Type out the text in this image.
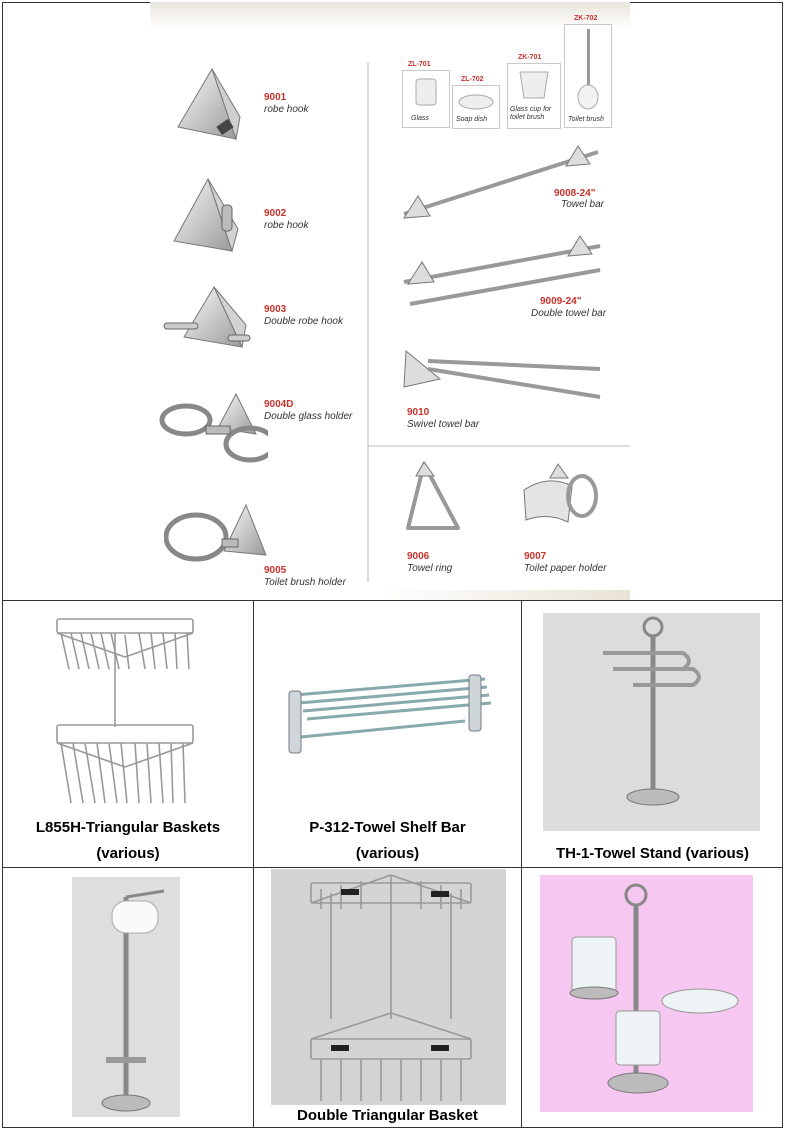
9001
robe hook
9002
robe hook
9003
Double robe hook
9004D
Double glass holder
9005
Toilet brush holder
ZL-701
Glass
ZL-702
Soap dish
ZK-701
Glass cup for toilet brush
ZK-702
Toilet brush
9008-24"
Towel bar
9009-24"
Double towel bar
9010
Swivel towel bar
9006
Towel ring
9007
Toilet paper holder
L855H-Triangular Baskets
(various)
P-312-Towel Shelf Bar
(various)	TH-1-Towel Stand (various)
Double Triangular Basket
